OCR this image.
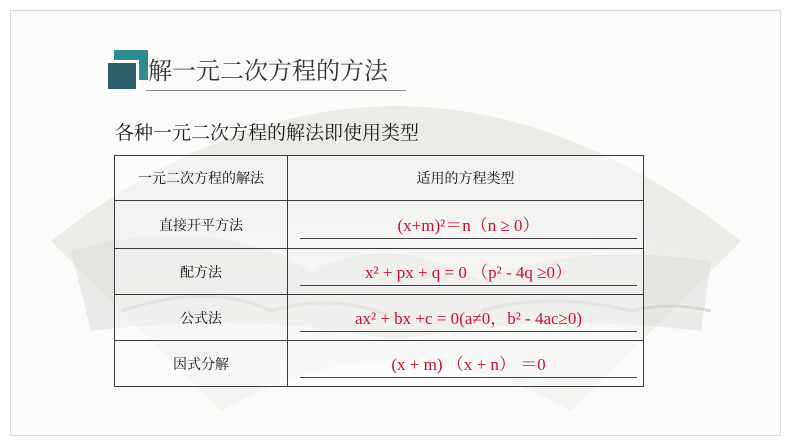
解一元二次方程的方法
各种一元二次方程的解法即使用类型
一元二次方程的解法	适用的方程类型
直接开平方法	(x+m)²＝n（n ≥ 0）

配方法	x² + px + q = 0 （p² - 4q ≥0）

公式法	ax² + bx +c = 0(a≠0，b² - 4ac≥0)

因式分解	(x + m) （x + n） ＝0
